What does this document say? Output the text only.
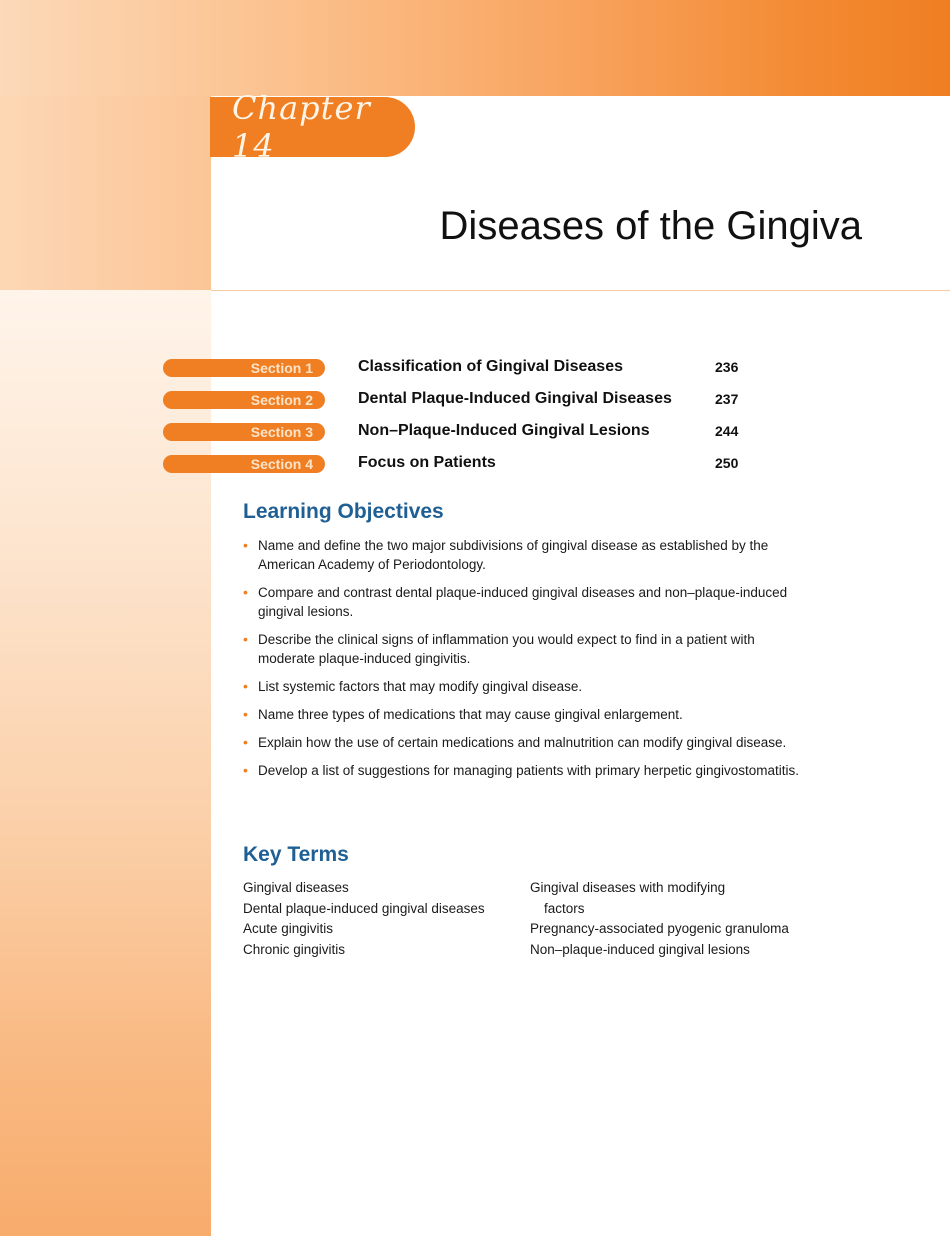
Chapter 14
Diseases of the Gingiva
Section 1	Classification of Gingival Diseases	236
Section 2	Dental Plaque-Induced Gingival Diseases	237
Section 3	Non–Plaque-Induced Gingival Lesions	244
Section 4	Focus on Patients	250
Learning Objectives
• Name and define the two major subdivisions of gingival disease as established by the American Academy of Periodontology.
• Compare and contrast dental plaque-induced gingival diseases and non–plaque-induced gingival lesions.
• Describe the clinical signs of inflammation you would expect to find in a patient with moderate plaque-induced gingivitis.
• List systemic factors that may modify gingival disease.
• Name three types of medications that may cause gingival enlargement.
• Explain how the use of certain medications and malnutrition can modify gingival disease.
• Develop a list of suggestions for managing patients with primary herpetic gingivostomatitis.
Key Terms
Gingival diseases
Dental plaque-induced gingival diseases
Acute gingivitis
Chronic gingivitis
Gingival diseases with modifying
factors
Pregnancy-associated pyogenic granuloma
Non–plaque-induced gingival lesions
